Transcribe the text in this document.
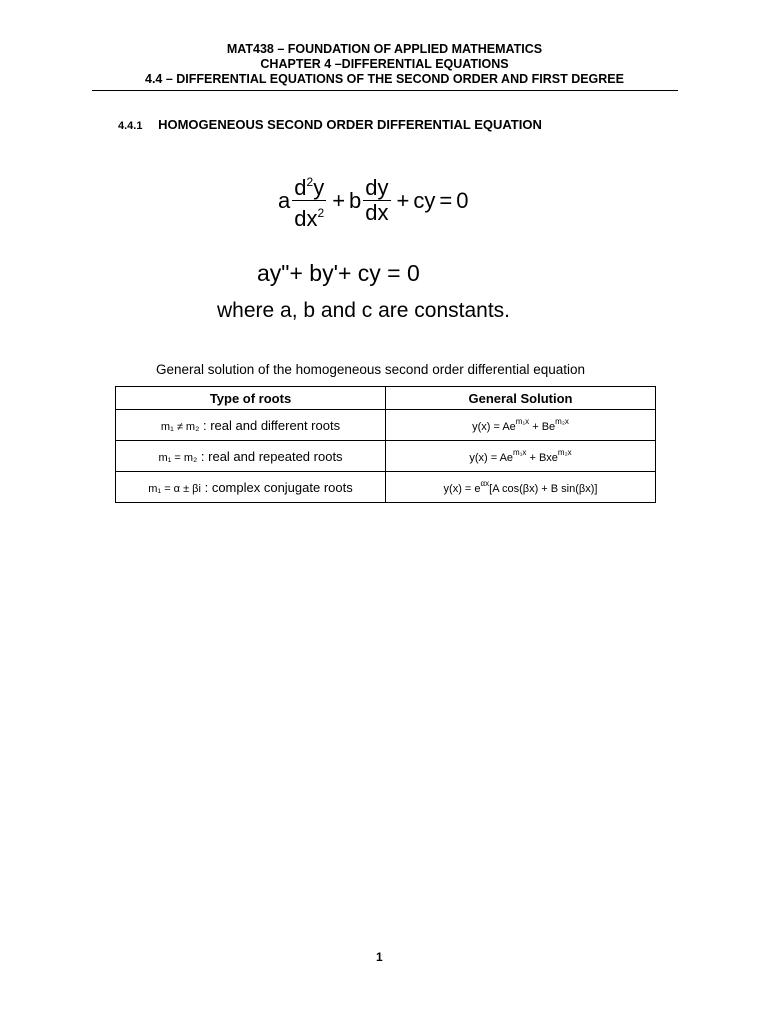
MAT438 – FOUNDATION OF APPLIED MATHEMATICS
CHAPTER 4 –DIFFERENTIAL EQUATIONS
4.4 – DIFFERENTIAL EQUATIONS OF THE SECOND ORDER AND FIRST DEGREE
4.4.1 HOMOGENEOUS SECOND ORDER DIFFERENTIAL EQUATION
a $\frac{d^2y}{dx^2} + b \frac{dy}{dx}$ + cy = 0
ay"+ by'+ cy = 0
where a, b and c are constants.
General solution of the homogeneous second order differential equation
Type of roots	General Solution
m₁ ≠ m₂ : real and different roots	$y(x) = Ae^{m_1x} + Be^{m_2x}$
m₁ = m₂ : real and repeated roots	$y(x) = Ae^{m_1x} + Bxe^{m_2x}$
m₁ = α ± βi : complex conjugate roots	$y(x) = e^{\alpha x}[A$ cos(βx) + B sin(βx)]
1
